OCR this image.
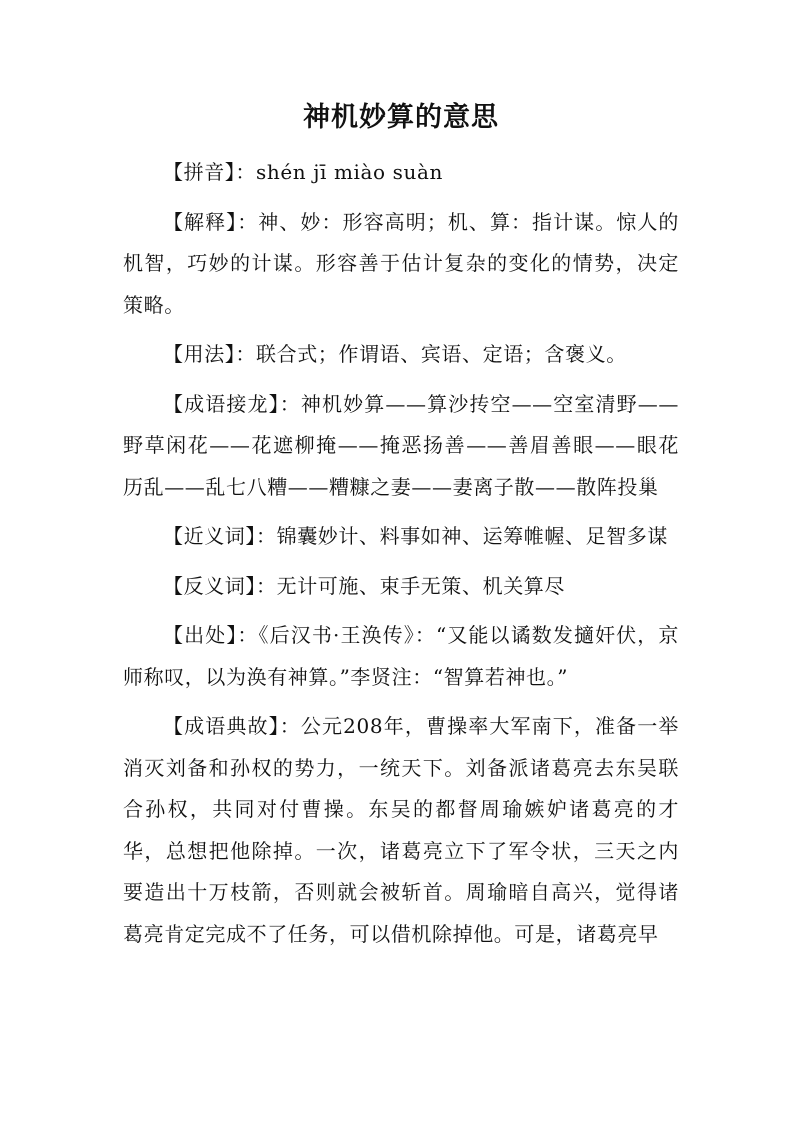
神机妙算的意思

【拼音】：shén jī miào suàn

【解释】：神、妙：形容高明；机、算：指计谋。惊人的机智，巧妙的计谋。形容善于估计复杂的变化的情势，决定策略。

【用法】：联合式；作谓语、宾语、定语；含褒义。

【成语接龙】：神机妙算——算沙抟空——空室清野——野草闲花——花遮柳掩——掩恶扬善——善眉善眼——眼花历乱——乱七八糟——糟糠之妻——妻离子散——散阵投巢

【近义词】：锦囊妙计、料事如神、运筹帷幄、足智多谋

【反义词】：无计可施、束手无策、机关算尽

【出处】：《后汉书·王涣传》：“又能以谲数发擿奸伏，京师称叹，以为涣有神算。”李贤注：“智算若神也。”

【成语典故】：公元208年，曹操率大军南下，准备一举消灭刘备和孙权的势力，一统天下。刘备派诸葛亮去东吴联合孙权，共同对付曹操。东吴的都督周瑜嫉妒诸葛亮的才华，总想把他除掉。一次，诸葛亮立下了军令状，三天之内要造出十万枝箭，否则就会被斩首。周瑜暗自高兴，觉得诸葛亮肯定完成不了任务，可以借机除掉他。可是，诸葛亮早
